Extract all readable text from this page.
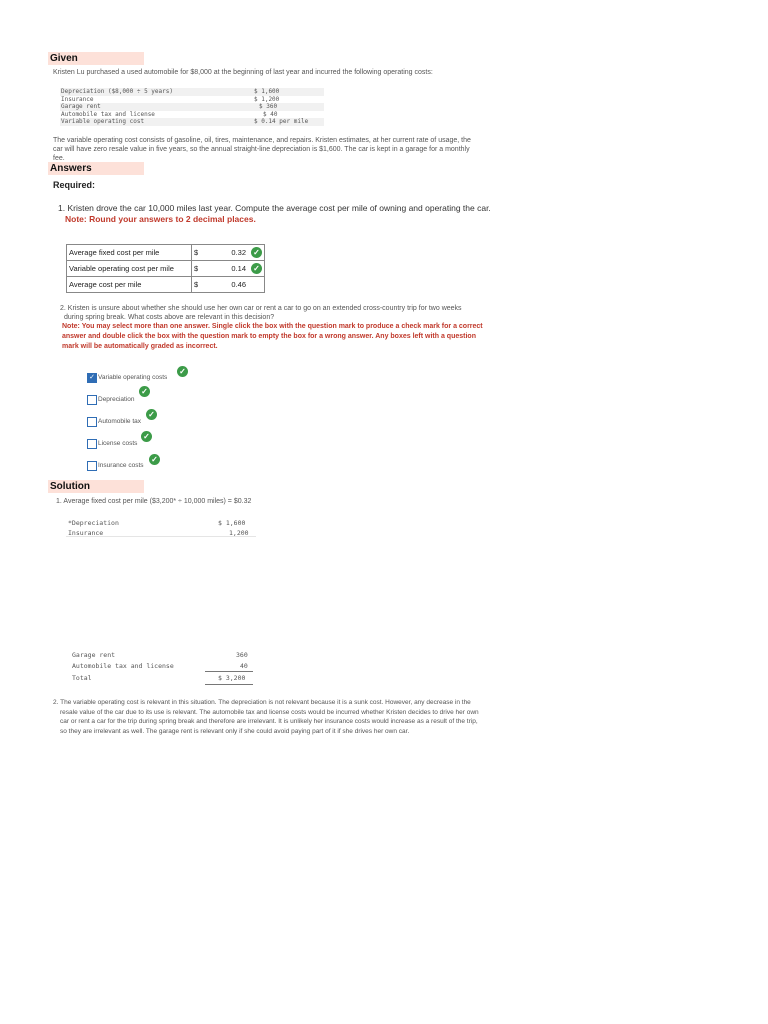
Given
Kristen Lu purchased a used automobile for $8,000 at the beginning of last year and incurred the following operating costs:
Depreciation ($8,000 ÷ 5 years)	$ 1,600
Insurance	$ 1,200
Garage rent	$ 360
Automobile tax and license	$ 40
Variable operating cost	$ 0.14 per mile
The variable operating cost consists of gasoline, oil, tires, maintenance, and repairs. Kristen estimates, at her current rate of usage, the
car will have zero resale value in five years, so the annual straight-line depreciation is $1,600. The car is kept in a garage for a monthly
fee.
Answers
Required:
1. Kristen drove the car 10,000 miles last year. Compute the average cost per mile of owning and operating the car.
Note: Round your answers to 2 decimal places.
Average fixed cost per mile	$	0.32 ✓

Variable operating cost per mile	$	0.14 ✓

Average cost per mile	$	0.46
2. Kristen is unsure about whether she should use her own car or rent a car to go on an extended cross-country trip for two weeks
during spring break. What costs above are relevant in this decision?
Note: You may select more than one answer. Single click the box with the question mark to produce a check mark for a correct
answer and double click the box with the question mark to empty the box for a wrong answer. Any boxes left with a question
mark will be automatically graded as incorrect.
✓ Variable operating costs
✓
Depreciation
✓
Automobile tax
✓
License costs
✓
Insurance costs
✓
Solution
1. Average fixed cost per mile ($3,200* ÷ 10,000 miles) = $0.32
*Depreciation	$ 1,600
Insurance	1,200
Garage rent	360
Automobile tax and license	40
Total	$ 3,200
2. The variable operating cost is relevant in this situation. The depreciation is not relevant because it is a sunk cost. However, any decrease in the
resale value of the car due to its use is relevant. The automobile tax and license costs would be incurred whether Kristen decides to drive her own
car or rent a car for the trip during spring break and therefore are irrelevant. It is unlikely her insurance costs would increase as a result of the trip,
so they are irrelevant as well. The garage rent is relevant only if she could avoid paying part of it if she drives her own car.
